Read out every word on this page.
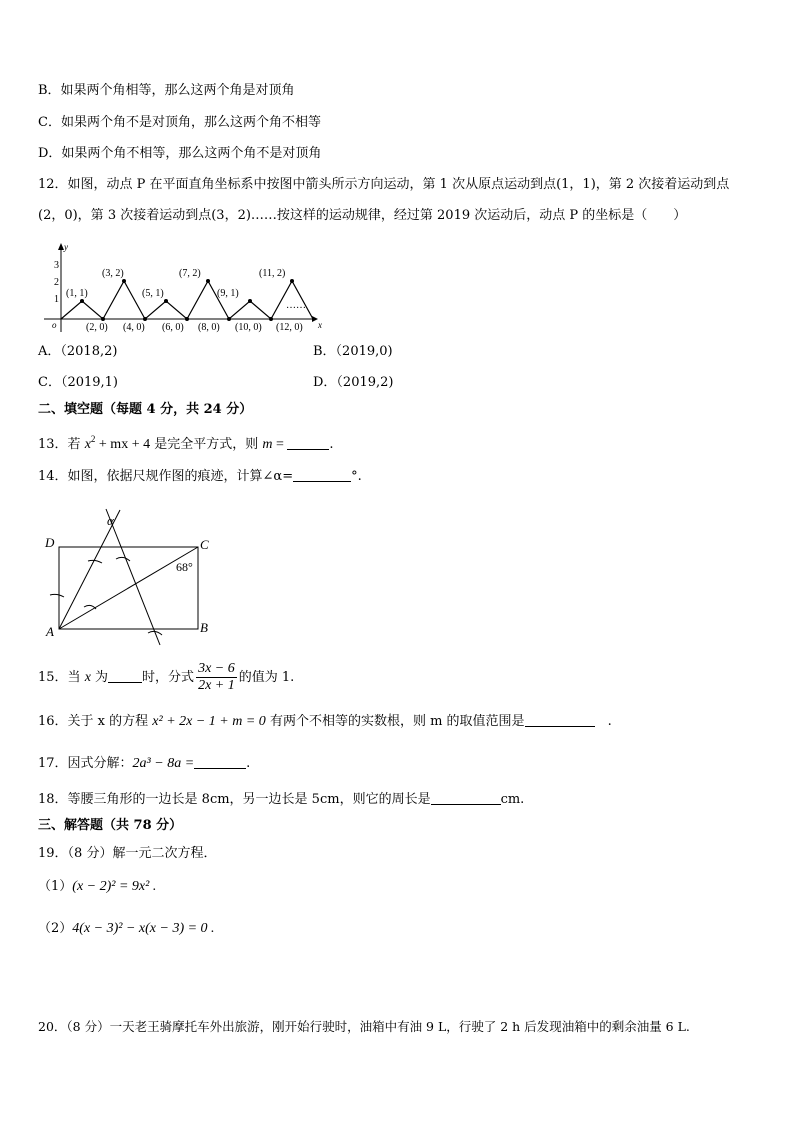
B．如果两个角相等，那么这两个角是对顶角
C．如果两个角不是对顶角，那么这两个角不相等
D．如果两个角不相等，那么这两个角不是对顶角
12．如图，动点 P 在平面直角坐标系中按图中箭头所示方向运动，第 1 次从原点运动到点(1，1)，第 2 次接着运动到点
(2，0)，第 3 次接着运动到点(3，2)……按这样的运动规律，经过第 2019 次运动后，动点 P 的坐标是（　　）
x
y
o
3
2
1
(1, 1)
(3, 2)
(5, 1)
(7, 2)
(9, 1)
(11, 2)
(2, 0) (4, 0) (6, 0) (8, 0) (10, 0) (12, 0)
……
A．（2018,2)	B．（2019,0)
C．（2019,1)	D．（2019,2)
二、填空题（每题 4 分，共 24 分）
13．若 $x^2$ + mx + 4 是完全平方式，则 m =	.
14．如图，依据尺规作图的痕迹，计算∠α=	°.
D	C
A	B
α
68°
15．当 x 为	时，分式 $\frac{3x - 6}{2x + 1}$ 的值为 1.
16．关于 x 的方程 x² + 2x − 1 + m = 0 有两个不相等的实数根，则 m 的取值范围是　	.
17．因式分解：2a³ − 8a =	.
18．等腰三角形的一边长是 8cm，另一边长是 5cm，则它的周长是	cm.
三、解答题（共 78 分）
19．（8 分）解一元二次方程．
（1）(x − 2)² = 9x² .
（2）4(x − 3)² − x(x − 3) = 0 .
20．（8 分）一天老王骑摩托车外出旅游，刚开始行驶时，油箱中有油 9 L，行驶了 2 h 后发现油箱中的剩余油量 6 L.
